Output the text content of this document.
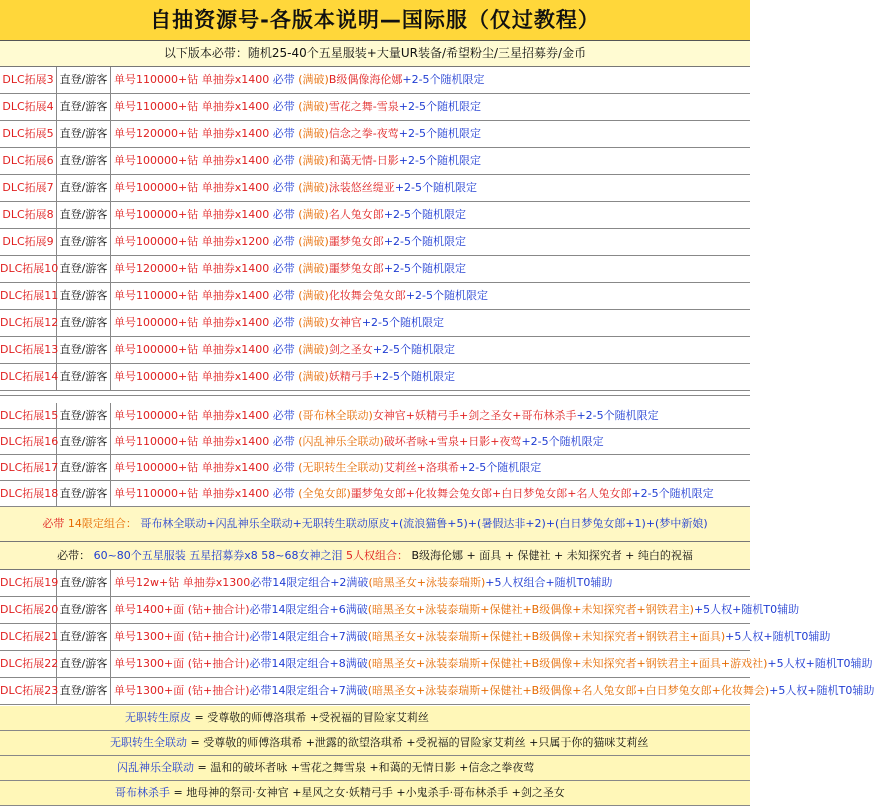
自抽资源号-各版本说明—国际服（仅过教程）
以下版本必带：随机25-40个五星服装+大量UR装备/希望粉尘/三星招募券/金币
DLC拓展3 直登/游客 单号110000+钻 单抽券x1400 必带 (满破)B级偶像海伦娜+2-5个随机限定
DLC拓展4 直登/游客 单号110000+钻 单抽券x1400 必带 (满破)雪花之舞-雪泉+2-5个随机限定
DLC拓展5 直登/游客 单号120000+钻 单抽券x1400 必带 (满破)信念之拳-夜莺+2-5个随机限定
DLC拓展6 直登/游客 单号100000+钻 单抽券x1400 必带 (满破)和蔼无情-日影+2-5个随机限定
DLC拓展7 直登/游客 单号100000+钻 单抽券x1400 必带 (满破)泳装悠丝缇亚+2-5个随机限定
DLC拓展8 直登/游客 单号100000+钻 单抽券x1400 必带 (满破)名人兔女郎+2-5个随机限定
DLC拓展9 直登/游客 单号100000+钻 单抽券x1200 必带 (满破)噩梦兔女郎+2-5个随机限定
DLC拓展10 直登/游客 单号120000+钻 单抽券x1400 必带 (满破)噩梦兔女郎+2-5个随机限定
DLC拓展11 直登/游客 单号110000+钻 单抽券x1400 必带 (满破)化妆舞会兔女郎+2-5个随机限定
DLC拓展12 直登/游客 单号100000+钻 单抽券x1400 必带 (满破)女神官+2-5个随机限定
DLC拓展13 直登/游客 单号100000+钻 单抽券x1400 必带 (满破)剑之圣女+2-5个随机限定
DLC拓展14 直登/游客 单号100000+钻 单抽券x1400 必带 (满破)妖精弓手+2-5个随机限定
DLC拓展15 直登/游客 单号100000+钻 单抽券x1400 必带 (哥布林全联动)女神官+妖精弓手+剑之圣女+哥布林杀手+2-5个随机限定
DLC拓展16 直登/游客 单号110000+钻 单抽券x1400 必带 (闪乱神乐全联动)破坏者咏+雪泉+日影+夜莺+2-5个随机限定
DLC拓展17 直登/游客 单号100000+钻 单抽券x1400 必带 (无职转生全联动)艾莉丝+洛琪希+2-5个随机限定
DLC拓展18 直登/游客 单号110000+钻 单抽券x1400 必带 (全兔女郎)噩梦兔女郎+化妆舞会兔女郎+白日梦兔女郎+名人兔女郎+2-5个随机限定
必带 14限定组合： 哥布林全联动+闪乱神乐全联动+无职转生联动原皮+(流浪猫鲁+5)+(暑假达非+2)+(白日梦兔女郎+1)+(梦中新娘)
必带： 60~80个五星服装 五星招募券x8 58~68女神之泪 5人权组合： B级海伦娜 + 面具 + 保健社 + 未知探究者 + 纯白的祝福
DLC拓展19 直登/游客 单号12w+钻 单抽券x1300必带14限定组合+2满破(暗黑圣女+泳装泰瑞斯)+5人权组合+随机T0辅助
DLC拓展20 直登/游客 单号1400+面 (钻+抽合计)必带14限定组合+6满破(暗黑圣女+泳装泰瑞斯+保健社+B级偶像+未知探究者+钢铁君主)+5人权+随机T0辅助
DLC拓展21 直登/游客 单号1300+面 (钻+抽合计)必带14限定组合+7满破(暗黑圣女+泳装泰瑞斯+保健社+B级偶像+未知探究者+钢铁君主+面具)+5人权+随机T0辅助
DLC拓展22 直登/游客 单号1300+面 (钻+抽合计)必带14限定组合+8满破(暗黑圣女+泳装泰瑞斯+保健社+B级偶像+未知探究者+钢铁君主+面具+游戏社)+5人权+随机T0辅助
DLC拓展23 直登/游客 单号1300+面 (钻+抽合计)必带14限定组合+7满破(暗黑圣女+泳装泰瑞斯+保健社+B级偶像+名人兔女郎+白日梦兔女郎+化妆舞会)+5人权+随机T0辅助
无职转生原皮 = 受尊敬的师傅洛琪希 +受祝福的冒险家艾莉丝
无职转生全联动 = 受尊敬的师傅洛琪希 +泄露的欲望洛琪希 +受祝福的冒险家艾莉丝 +只属于你的猫咪艾莉丝
闪乱神乐全联动 = 温和的破坏者咏 +雪花之舞雪泉 +和蔼的无情日影 +信念之拳夜莺
哥布林杀手 = 地母神的祭司·女神官 +星风之女·妖精弓手 +小鬼杀手·哥布林杀手 +剑之圣女
